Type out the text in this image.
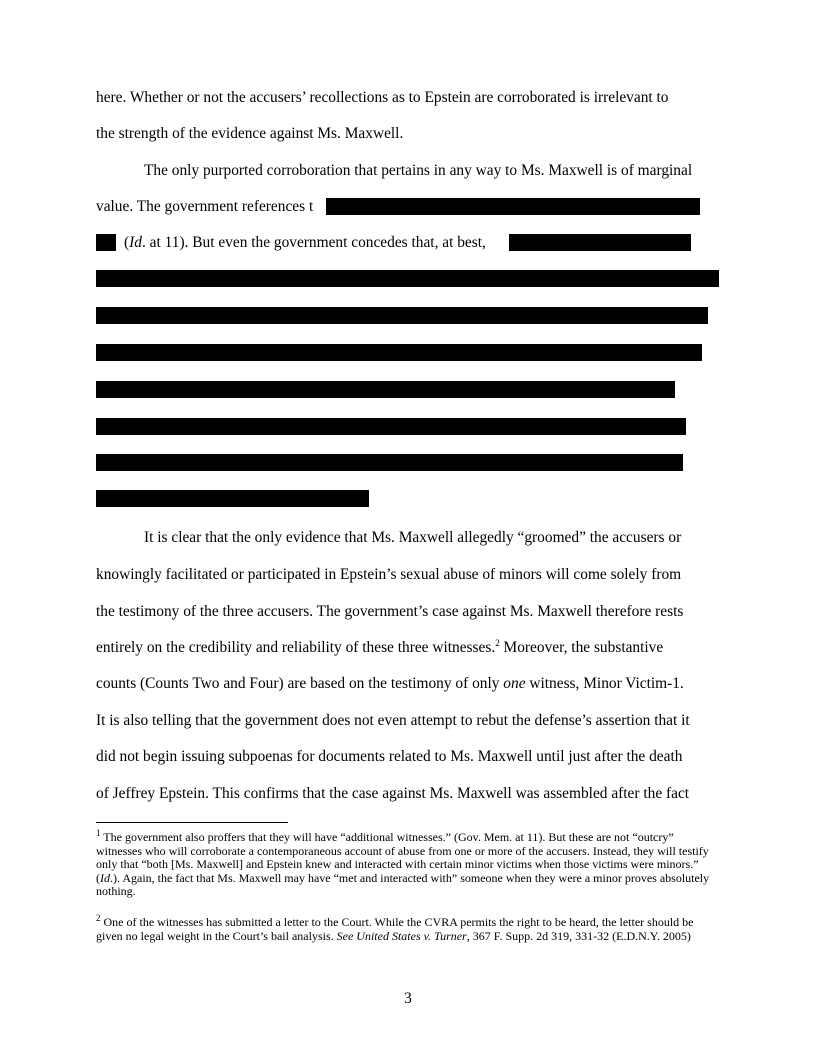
here. Whether or not the accusers’ recollections as to Epstein are corroborated is irrelevant to
the strength of the evidence against Ms. Maxwell.
The only purported corroboration that pertains in any way to Ms. Maxwell is of marginal
value. The government references t
(Id. at 11). But even the government concedes that, at best,
It is clear that the only evidence that Ms. Maxwell allegedly “groomed” the accusers or
knowingly facilitated or participated in Epstein’s sexual abuse of minors will come solely from
the testimony of the three accusers. The government’s case against Ms. Maxwell therefore rests
entirely on the credibility and reliability of these three witnesses.$^2$ Moreover, the substantive
counts (Counts Two and Four) are based on the testimony of only one witness, Minor Victim-1.
It is also telling that the government does not even attempt to rebut the defense’s assertion that it
did not begin issuing subpoenas for documents related to Ms. Maxwell until just after the death
of Jeffrey Epstein. This confirms that the case against Ms. Maxwell was assembled after the fact
$^1$ The government also proffers that they will have “additional witnesses.” (Gov. Mem. at 11). But these are not “outcry” witnesses who will corroborate a contemporaneous account of abuse from one or more of the accusers. Instead, they will testify only that “both [Ms. Maxwell] and Epstein knew and interacted with certain minor victims when those victims were minors.” (Id.). Again, the fact that Ms. Maxwell may have “met and interacted with” someone when they were a minor proves absolutely nothing.
$^2$ One of the witnesses has submitted a letter to the Court. While the CVRA permits the right to be heard, the letter should be given no legal weight in the Court’s bail analysis. See United States v. Turner, 367 F. Supp. 2d 319, 331-32 (E.D.N.Y. 2005)
3
